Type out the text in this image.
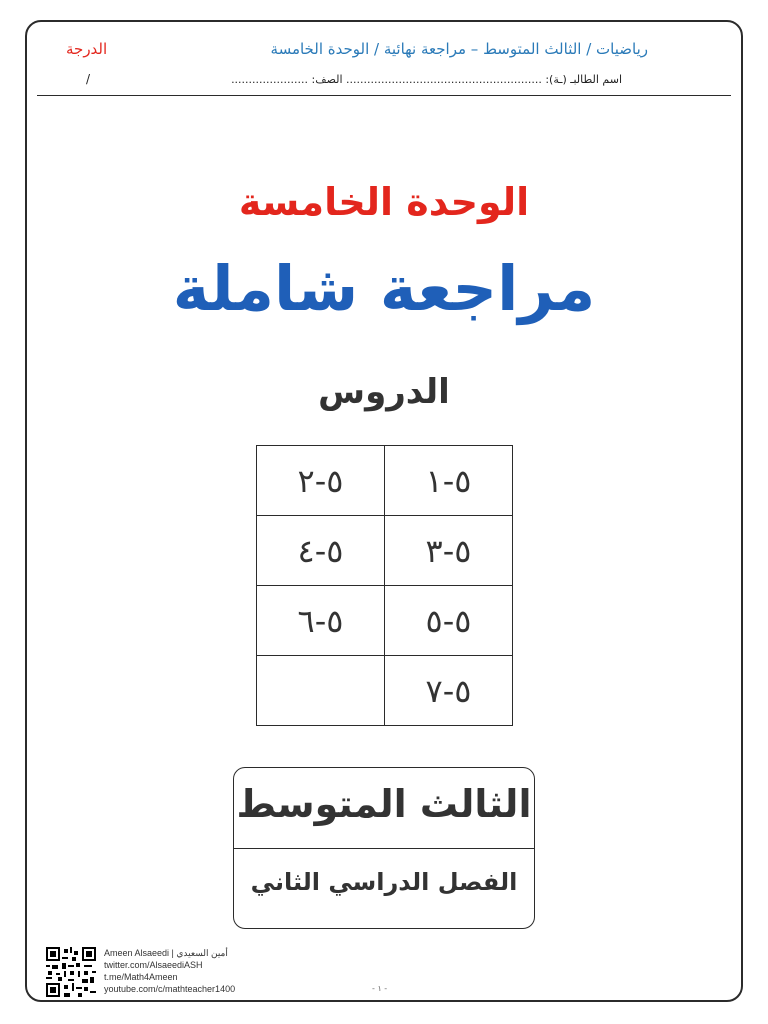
رياضيات / الثالث المتوسط – مراجعة نهائية / الوحدة الخامسة
الدرجة
/	اسم الطالبـ (ـة): ........................................................ الصف: ......................
الوحدة الخامسة
مراجعة شاملة
الدروس
٥-٢	٥-١
٥-٤	٥-٣
٥-٦	٥-٥
	٥-٧
الثالث المتوسط
الفصل الدراسي الثاني
Ameen Alsaeedi | أمين السعيدي
twitter.com/AlsaeediASH
t.me/Math4Ameen
youtube.com/c/mathteacher1400	- ١ -
